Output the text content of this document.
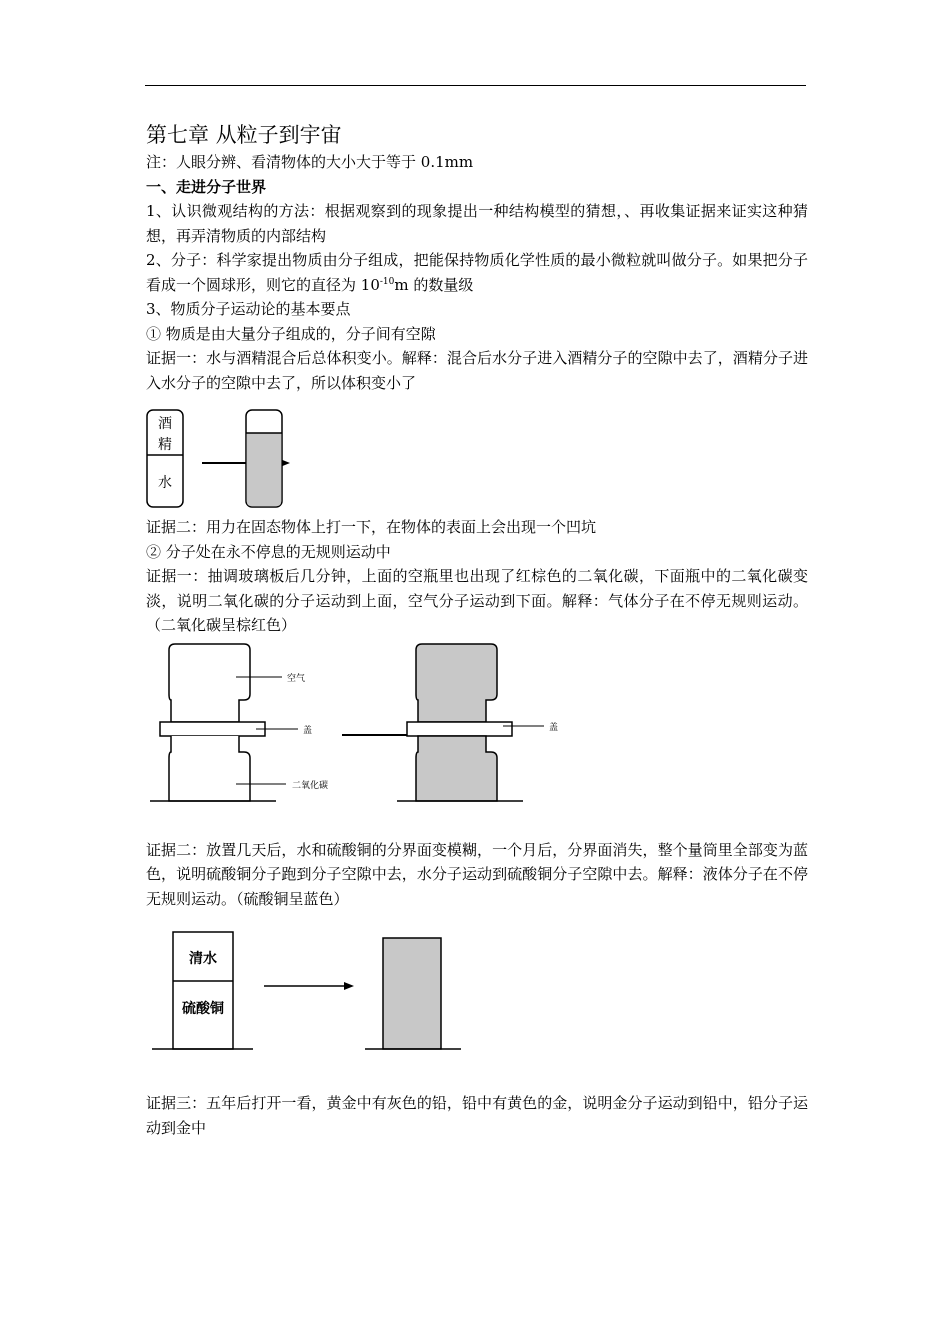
第七章 从粒子到宇宙

注：人眼分辨、看清物体的大小大于等于 0.1mm

一、走进分子世界

1、认识微观结构的方法：根据观察到的现象提出一种结构模型的猜想，、再收集证据来证实这种猜想，再弄清物质的内部结构

2、分子：科学家提出物质由分子组成，把能保持物质化学性质的最小微粒就叫做分子。如果把分子看成一个圆球形，则它的直径为 $10^{-10}m$ 的数量级

3、物质分子运动论的基本要点

① 物质是由大量分子组成的，分子间有空隙

证据一：水与酒精混合后总体积变小。解释：混合后水分子进入酒精分子的空隙中去了，酒精分子进入水分子的空隙中去了，所以体积变小了

酒
精
水

证据二：用力在固态物体上打一下，在物体的表面上会出现一个凹坑

② 分子处在永不停息的无规则运动中

证据一：抽调玻璃板后几分钟，上面的空瓶里也出现了红棕色的二氧化碳，下面瓶中的二氧化碳变淡，说明二氧化碳的分子运动到上面，空气分子运动到下面。解释：气体分子在不停无规则运动。（二氧化碳呈棕红色）

空气
盖
二氧化碳
盖

证据二：放置几天后，水和硫酸铜的分界面变模糊，一个月后，分界面消失，整个量筒里全部变为蓝色，说明硫酸铜分子跑到分子空隙中去，水分子运动到硫酸铜分子空隙中去。解释：液体分子在不停无规则运动。（硫酸铜呈蓝色）

清水
硫酸铜

证据三：五年后打开一看，黄金中有灰色的铅，铅中有黄色的金，说明金分子运动到铅中，铅分子运动到金中
